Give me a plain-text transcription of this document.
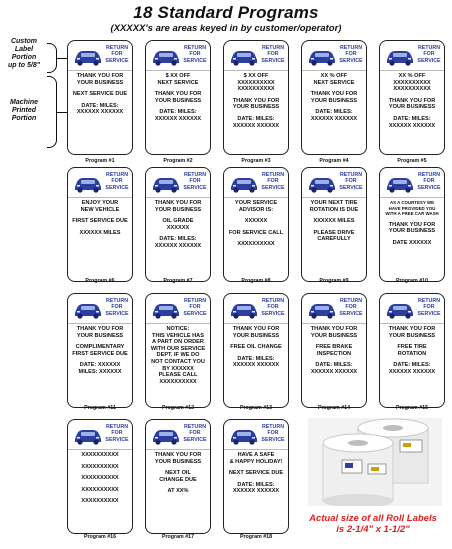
18 Standard Programs
(XXXXX's are areas keyed in by customer/operator)
Custom
Label
Portion
up to 5/8"
Machine
Printed
Portion
RETURN
FOR
SERVICE
THANK YOU FOR
YOUR BUSINESS
NEXT SERVICE DUE
DATE: MILES:
XXXXXX XXXXXX
Program #1
RETURN
FOR
SERVICE
$ XX OFF
NEXT SERVICE
THANK YOU FOR
YOUR BUSINESS
DATE: MILES:
XXXXXX XXXXXX
Program #2
RETURN
FOR
SERVICE
$ XX OFF
XXXXXXXXXX
XXXXXXXXXX
THANK YOU FOR
YOUR BUSINESS
DATE: MILES:
XXXXXX XXXXXX
Program #3
RETURN
FOR
SERVICE
XX % OFF
NEXT SERVICE
THANK YOU FOR
YOUR BUSINESS
DATE: MILES:
XXXXXX XXXXXX
Program #4
RETURN
FOR
SERVICE
XX % OFF
XXXXXXXXXX
XXXXXXXXXX
THANK YOU FOR
YOUR BUSINESS
DATE: MILES:
XXXXXX XXXXXX
Program #5
RETURN
FOR
SERVICE
ENJOY YOUR
NEW VEHICLE
FIRST SERVICE DUE
XXXXXX MILES
Program #6
RETURN
FOR
SERVICE
THANK YOU FOR
YOUR BUSINESS
OIL GRADE
XXXXXX
DATE: MILES:
XXXXXX XXXXXX
Program #7
RETURN
FOR
SERVICE
YOUR SERVICE
ADVISOR IS:
XXXXXX
FOR SERVICE CALL
XXXXXXXXXX
Program #8
RETURN
FOR
SERVICE
YOUR NEXT TIRE
ROTATION IS DUE
XXXXXX MILES
PLEASE DRIVE
CAREFULLY
Program #9
RETURN
FOR
SERVICE
AS A COURTESY WE
HAVE PROVIDED YOU
WITH A FREE CAR WASH
THANK YOU FOR
YOUR BUSINESS
DATE XXXXXX
Program #10
RETURN
FOR
SERVICE
THANK YOU FOR
YOUR BUSINESS
COMPLIMENTARY
FIRST SERVICE DUE
DATE: XXXXXX
MILES: XXXXXX
Program #11
RETURN
FOR
SERVICE
NOTICE:
THIS VEHICLE HAS
A PART ON ORDER
WITH OUR SERVICE
DEPT. IF WE DO
NOT CONTACT YOU
BY XXXXXX
PLEASE CALL
XXXXXXXXXX
Program #12
RETURN
FOR
SERVICE
THANK YOU FOR
YOUR BUSINESS
FREE OIL CHANGE
DATE: MILES:
XXXXXX XXXXXX
Program #13
RETURN
FOR
SERVICE
THANK YOU FOR
YOUR BUSINESS
FREE BRAKE
INSPECTION
DATE: MILES:
XXXXXX XXXXXX
Program #14
RETURN
FOR
SERVICE
THANK YOU FOR
YOUR BUSINESS
FREE TIRE
ROTATION
DATE: MILES:
XXXXXX XXXXXX
Program #15
RETURN
FOR
SERVICE
XXXXXXXXXX
XXXXXXXXXX
XXXXXXXXXX
XXXXXXXXXX
XXXXXXXXXX
Program #16
RETURN
FOR
SERVICE
THANK YOU FOR
YOUR BUSINESS
NEXT OIL
CHANGE DUE
AT XX%
Program #17
RETURN
FOR
SERVICE
HAVE A SAFE
& HAPPY HOLIDAY!
NEXT SERVICE DUE
DATE: MILES:
XXXXXX XXXXXX
Program #18
Actual size of all Roll Labels
is 2-1/4" x 1-1/2"
